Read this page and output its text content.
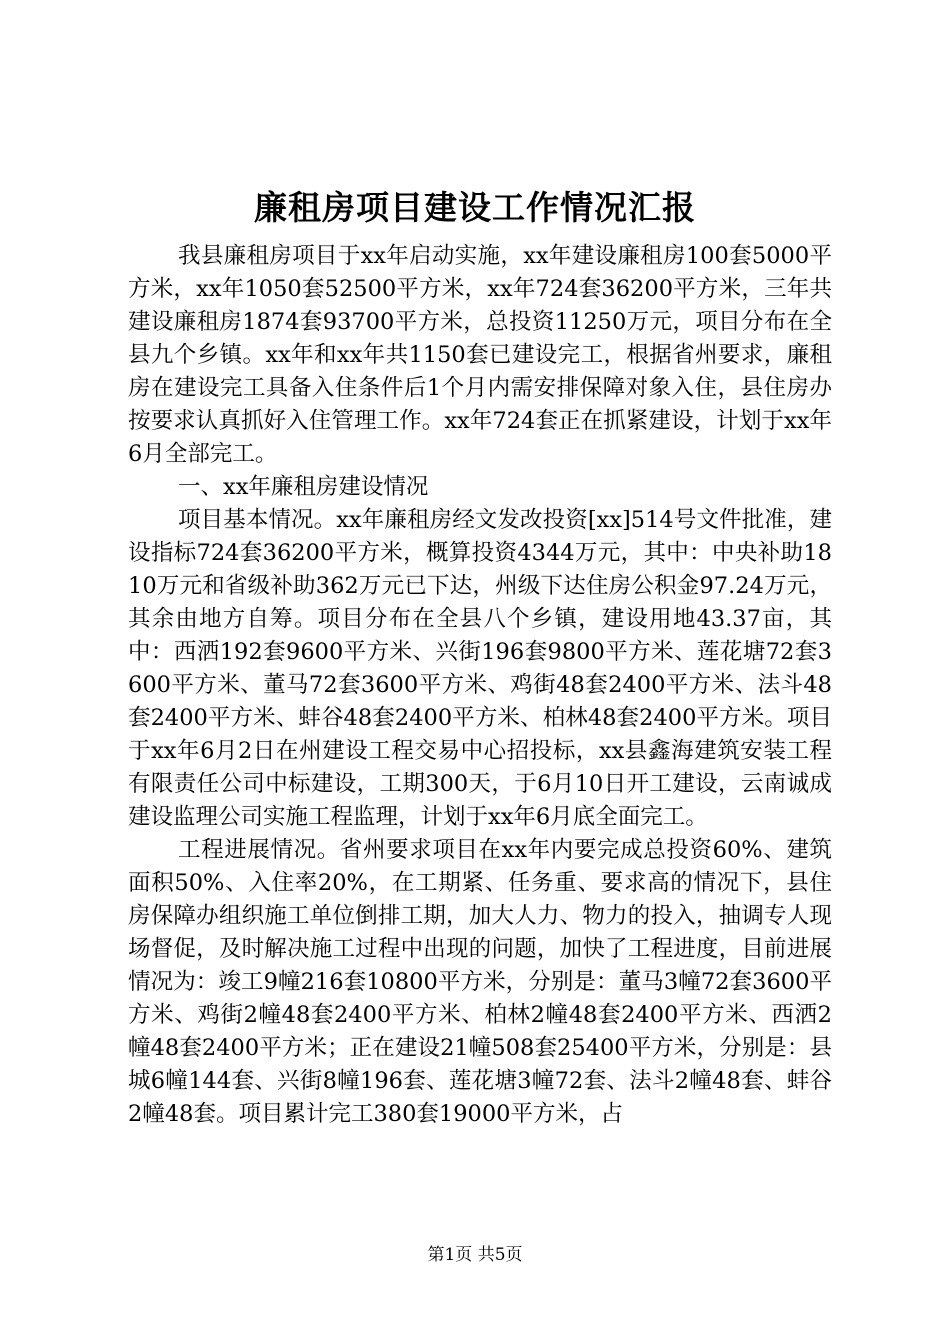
廉租房项目建设工作情况汇报

我县廉租房项目于xx年启动实施，xx年建设廉租房100套5000平方米，xx年1050套52500平方米，xx年724套36200平方米，三年共建设廉租房1874套93700平方米，总投资11250万元，项目分布在全县九个乡镇。xx年和xx年共1150套已建设完工，根据省州要求，廉租房在建设完工具备入住条件后1个月内需安排保障对象入住，县住房办按要求认真抓好入住管理工作。xx年724套正在抓紧建设，计划于xx年6月全部完工。

一、xx年廉租房建设情况

项目基本情况。xx年廉租房经文发改投资[xx]514号文件批准，建设指标724套36200平方米，概算投资4344万元，其中：中央补助1810万元和省级补助362万元已下达，州级下达住房公积金97.24万元，其余由地方自筹。项目分布在全县八个乡镇，建设用地43.37亩，其中：西洒192套9600平方米、兴街196套9800平方米、莲花塘72套3600平方米、董马72套3600平方米、鸡街48套2400平方米、法斗48套2400平方米、蚌谷48套2400平方米、柏林48套2400平方米。项目于xx年6月2日在州建设工程交易中心招投标，xx县鑫海建筑安装工程有限责任公司中标建设，工期300天，于6月10日开工建设，云南诚成建设监理公司实施工程监理，计划于xx年6月底全面完工。

工程进展情况。省州要求项目在xx年内要完成总投资60%、建筑面积50%、入住率20%，在工期紧、任务重、要求高的情况下，县住房保障办组织施工单位倒排工期，加大人力、物力的投入，抽调专人现场督促，及时解决施工过程中出现的问题，加快了工程进度，目前进展情况为：竣工9幢216套10800平方米，分别是：董马3幢72套3600平方米、鸡街2幢48套2400平方米、柏林2幢48套2400平方米、西洒2幢48套2400平方米；正在建设21幢508套25400平方米，分别是：县城6幢144套、兴街8幢196套、莲花塘3幢72套、法斗2幢48套、蚌谷2幢48套。项目累计完工380套19000平方米，占

第1页 共5页
